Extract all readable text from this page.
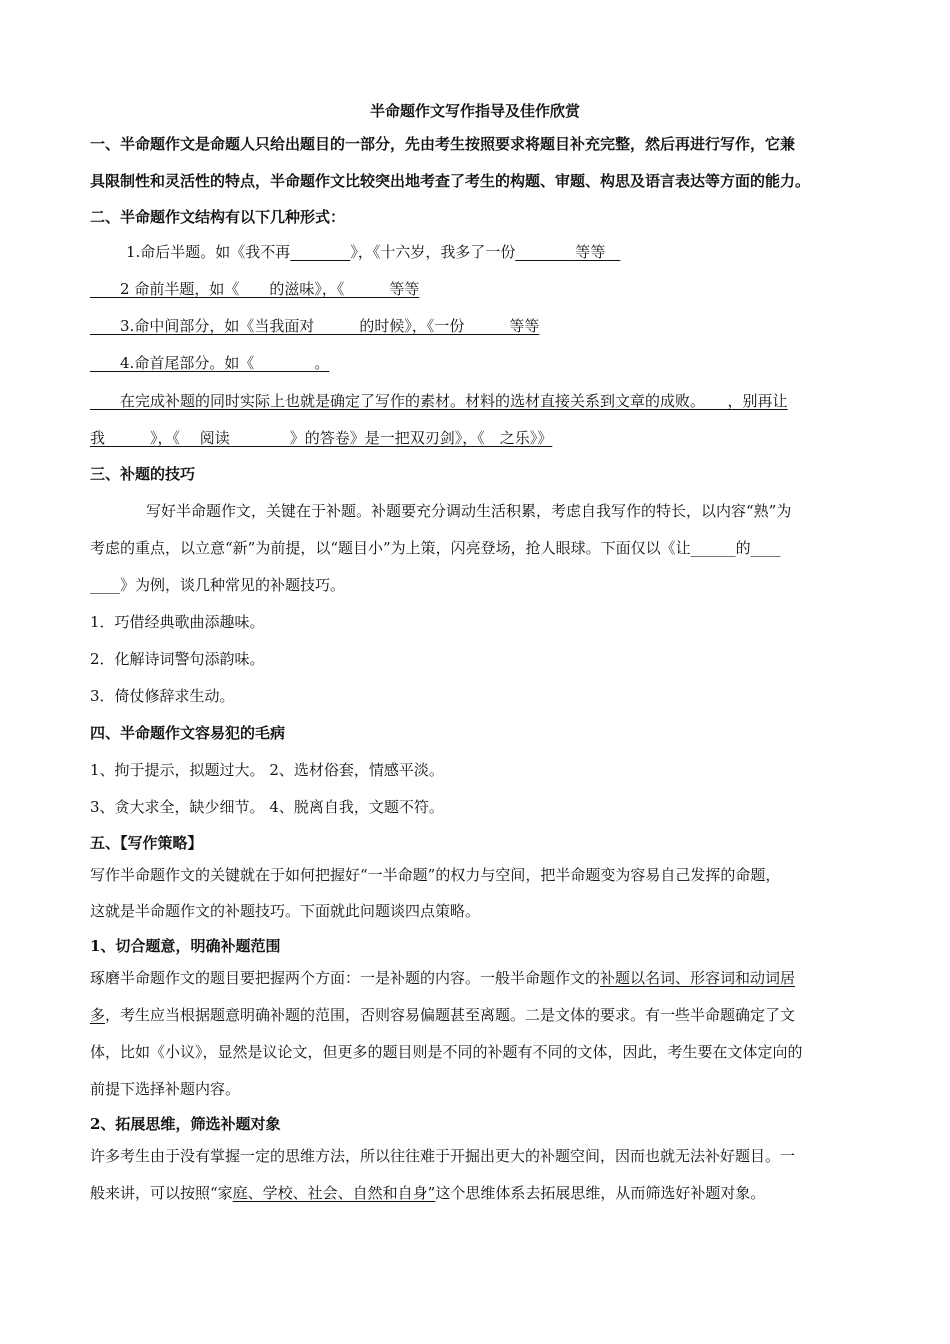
半命题作文写作指导及佳作欣赏
一、半命题作文是命题人只给出题目的一部分，先由考生按照要求将题目补充完整，然后再进行写作，它兼
具限制性和灵活性的特点，半命题作文比较突出地考查了考生的构题、审题、构思及语言表达等方面的能力。
二、半命题作文结构有以下几种形式：
1.命后半题。如《我不再　　　　	》，《十六岁，我多了一份　　　　	等等　
　　2 命前半题，如《　　的滋味》，《　　　等等
　　3.命中间部分，如《当我面对　　　的时候》，《一份　　　等等
　　4.命首尾部分。如《　　　　。
　　在完成补题的同时实际上也就是确定了写作的素材。材料的选材直接关系到文章的成败。　　，别再让
我　　　》，《　 阅读　　　　》的答卷》是一把双刃剑》，《　之乐》》
三、补题的技巧
写好半命题作文，关键在于补题。补题要充分调动生活积累，考虑自我写作的特长，以内容“熟”为
考虑的重点，以立意“新”为前提，以“题目小”为上策，闪亮登场，抢人眼球。下面仅以《让______的____
____》为例，谈几种常见的补题技巧。
1．巧借经典歌曲添趣味。
2．化解诗词警句添韵味。
3．倚仗修辞求生动。
四、半命题作文容易犯的毛病
1、拘于提示，拟题过大。 2、选材俗套，情感平淡。
3、贪大求全，缺少细节。 4、脱离自我，文题不符。
五、【写作策略】
写作半命题作文的关键就在于如何把握好“一半命题”的权力与空间，把半命题变为容易自己发挥的命题，
这就是半命题作文的补题技巧。下面就此问题谈四点策略。
1、切合题意，明确补题范围
琢磨半命题作文的题目要把握两个方面：一是补题的内容。一般半命题作文的补题以名词、形容词和动词居
多，考生应当根据题意明确补题的范围，否则容易偏题甚至离题。二是文体的要求。有一些半命题确定了文
体，比如《小议》，显然是议论文，但更多的题目则是不同的补题有不同的文体，因此，考生要在文体定向的
前提下选择补题内容。
2、拓展思维，筛选补题对象
许多考生由于没有掌握一定的思维方法，所以往往难于开掘出更大的补题空间，因而也就无法补好题目。一
般来讲，可以按照“家庭、学校、社会、自然和自身”这个思维体系去拓展思维，从而筛选好补题对象。
